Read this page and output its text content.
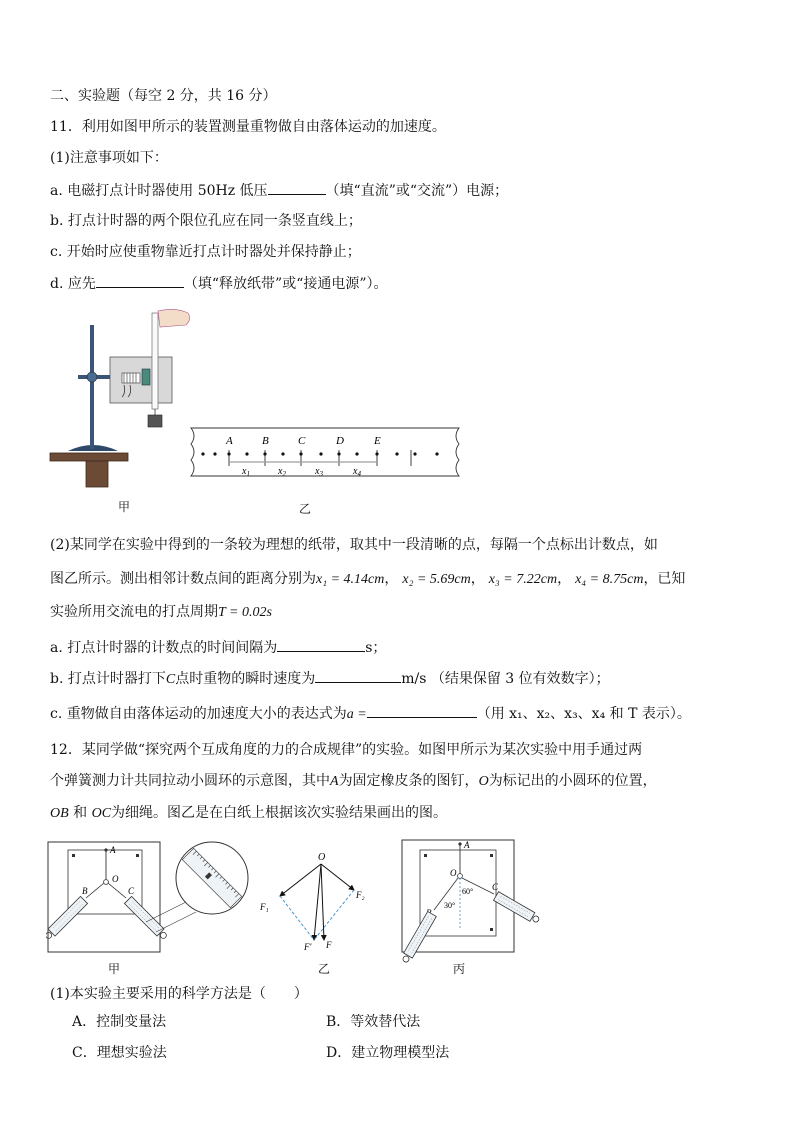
二、实验题（每空 2 分，共 16 分）
11．利用如图甲所示的装置测量重物做自由落体运动的加速度。
(1)注意事项如下：
a. 电磁打点计时器使用 50Hz 低压	（填“直流”或“交流”）电源；
b. 打点计时器的两个限位孔应在同一条竖直线上；
c. 开始时应使重物靠近打点计时器处并保持静止；
d. 应先	（填“释放纸带”或“接通电源”）。
甲
A	B	C	D	E
$x_1$	$x_2$	$x_3$	$x_4$
乙
(2)某同学在实验中得到的一条较为理想的纸带，取其中一段清晰的点，每隔一个点标出计数点，如
图乙所示。测出相邻计数点间的距离分别为x₁ = 4.14cm， x₂ = 5.69cm， x₃ = 7.22cm， x₄ = 8.75cm，已知
实验所用交流电的打点周期T = 0.02s
a. 打点计时器的计数点的时间间隔为	s；
b. 打点计时器打下C点时重物的瞬时速度为	m/s （结果保留 3 位有效数字）；
c. 重物做自由落体运动的加速度大小的表达式为a =	（用 x₁、x₂、x₃、x₄ 和 T 表示）。
12．某同学做“探究两个互成角度的力的合成规律”的实验。如图甲所示为某次实验中用手通过两
个弹簧测力计共同拉动小圆环的示意图，其中A为固定橡皮条的图钉，O为标记出的小圆环的位置，
OB 和 OC为细绳。图乙是在白纸上根据该次实验结果画出的图。
A
O
B	C
甲
O
F₁
F₂
F′ F
乙
A
O
60°
30°
C
丙
(1)本实验主要采用的科学方法是（　　）
A．控制变量法	B．等效替代法
C．理想实验法	D．建立物理模型法
